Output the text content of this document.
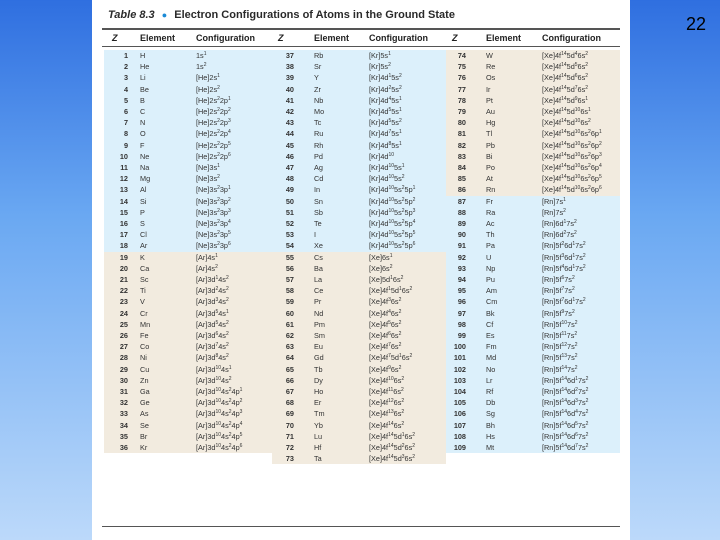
22
Table 8.3 ● Electron Configurations of Atoms in the Ground State
Z	Element Configuration	Z	Element Configuration	Z	Element Configuration
1 H	$1s^1$
2 He	$1s^2$
3 Li	$[He]2s^1$
4 Be	$[He]2s^2$
5 B	$[He]2s^22p^1$
6 C	$[He]2s^22p^2$
7 N	$[He]2s^22p^3$
8 O	$[He]2s^22p^4$
9 F	$[He]2s^22p^5$
10 Ne	$[He]2s^22p^6$
11 Na	$[Ne]3s^1$
12 Mg	$[Ne]3s^2$
13 Al	$[Ne]3s^23p^1$
14 Si	$[Ne]3s^23p^2$
15 P	$[Ne]3s^23p^3$
16 S	$[Ne]3s^23p^4$
17 Cl	$[Ne]3s^23p^5$
18 Ar	$[Ne]3s^23p^6$
19 K	$[Ar]4s^1$
20 Ca	$[Ar]4s^2$
21 Sc	$[Ar]3d^14s^2$
22 Ti	$[Ar]3d^24s^2$
23 V	$[Ar]3d^34s^2$
24 Cr	$[Ar]3d^54s^1$
25 Mn	$[Ar]3d^54s^2$
26 Fe	$[Ar]3d^64s^2$
27 Co	$[Ar]3d^74s^2$
28 Ni	$[Ar]3d^84s^2$
29 Cu	$[Ar]3d^{10}4s^1$
30 Zn	$[Ar]3d^{10}4s^2$
31 Ga	$[Ar]3d^{10}4s^24p^1$
32 Ge	$[Ar]3d^{10}4s^24p^2$
33 As	$[Ar]3d^{10}4s^24p^3$
34 Se	$[Ar]3d^{10}4s^24p^4$
35 Br	$[Ar]3d^{10}4s^24p^5$
36 Kr	$[Ar]3d^{10}4s^24p^6$
37	Rb	$[Kr]5s^1$
38	Sr	$[Kr]5s^2$
39	Y	$[Kr]4d^15s^2$
40	Zr	$[Kr]4d^25s^2$
41	Nb	$[Kr]4d^45s^1$
42	Mo	$[Kr]4d^55s^1$
43	Tc	$[Kr]4d^55s^2$
44	Ru	$[Kr]4d^75s^1$
45	Rh	$[Kr]4d^85s^1$
46	Pd	$[Kr]4d^{10}$
47	Ag	$[Kr]4d^{10}5s^1$
48	Cd	$[Kr]4d^{10}5s^2$
49	In	$[Kr]4d^{10}5s^25p^1$
50	Sn	$[Kr]4d^{10}5s^25p^2$
51	Sb	$[Kr]4d^{10}5s^25p^3$
52	Te	$[Kr]4d^{10}5s^25p^4$
53	I	$[Kr]4d^{10}5s^25p^5$
54	Xe	$[Kr]4d^{10}5s^25p^6$
55	Cs	$[Xe]6s^1$
56	Ba	$[Xe]6s^2$
57	La	$[Xe]5d^16s^2$
58	Ce	$[Xe]4f^15d^16s^2$
59	Pr	$[Xe]4f^36s^2$
60	Nd	$[Xe]4f^46s^2$
61	Pm	$[Xe]4f^56s^2$
62	Sm	$[Xe]4f^66s^2$
63	Eu	$[Xe]4f^76s^2$
64	Gd	$[Xe]4f^75d^16s^2$
65	Tb	$[Xe]4f^96s^2$
66	Dy	$[Xe]4f^{10}6s^2$
67	Ho	$[Xe]4f^{11}6s^2$
68	Er	$[Xe]4f^{12}6s^2$
69	Tm	$[Xe]4f^{13}6s^2$
70	Yb	$[Xe]4f^{14}6s^2$
71	Lu	$[Xe]4f^{14}5d^16s^2$
72	Hf	$[Xe]4f^{14}5d^26s^2$
73	Ta	$[Xe]4f^{14}5d^36s^2$
74	W	$[Xe]4f^{14}5d^46s^2$
75	Re	$[Xe]4f^{14}5d^56s^2$
76	Os	$[Xe]4f^{14}5d^66s^2$
77	Ir	$[Xe]4f^{14}5d^76s^2$
78	Pt	$[Xe]4f^{14}5d^96s^1$
79	Au	$[Xe]4f^{14}5d^{10}6s^1$
80	Hg	$[Xe]4f^{14}5d^{10}6s^2$
81	Tl	$[Xe]4f^{14}5d^{10}6s^26p^1$
82	Pb	$[Xe]4f^{14}5d^{10}6s^26p^2$
83	Bi	$[Xe]4f^{14}5d^{10}6s^26p^3$
84	Po	$[Xe]4f^{14}5d^{10}6s^26p^4$
85	At	$[Xe]4f^{14}5d^{10}6s^26p^5$
86	Rn	$[Xe]4f^{14}5d^{10}6s^26p^6$
87	Fr	$[Rn]7s^1$
88	Ra	$[Rn]7s^2$
89	Ac	$[Rn]6d^17s^2$
90	Th	$[Rn]6d^27s^2$
91	Pa	$[Rn]5f^26d^17s^2$
92	U	$[Rn]5f^36d^17s^2$
93	Np	$[Rn]5f^46d^17s^2$
94	Pu	$[Rn]5f^67s^2$
95	Am	$[Rn]5f^77s^2$
96	Cm	$[Rn]5f^76d^17s^2$
97	Bk	$[Rn]5f^97s^2$
98	Cf	$[Rn]5f^{10}7s^2$
99	Es	$[Rn]5f^{11}7s^2$
100	Fm	$[Rn]5f^{12}7s^2$
101	Md	$[Rn]5f^{13}7s^2$
102	No	$[Rn]5f^{14}7s^2$
103	Lr	$[Rn]5f^{14}6d^17s^2$
104	Rf	$[Rn]5f^{14}6d^27s^2$
105	Db	$[Rn]5f^{14}6d^37s^2$
106	Sg	$[Rn]5f^{14}6d^47s^2$
107	Bh	$[Rn]5f^{14}6d^57s^2$
108	Hs	$[Rn]5f^{14}6d^67s^2$
109	Mt	$[Rn]5f^{14}6d^77s^2$
